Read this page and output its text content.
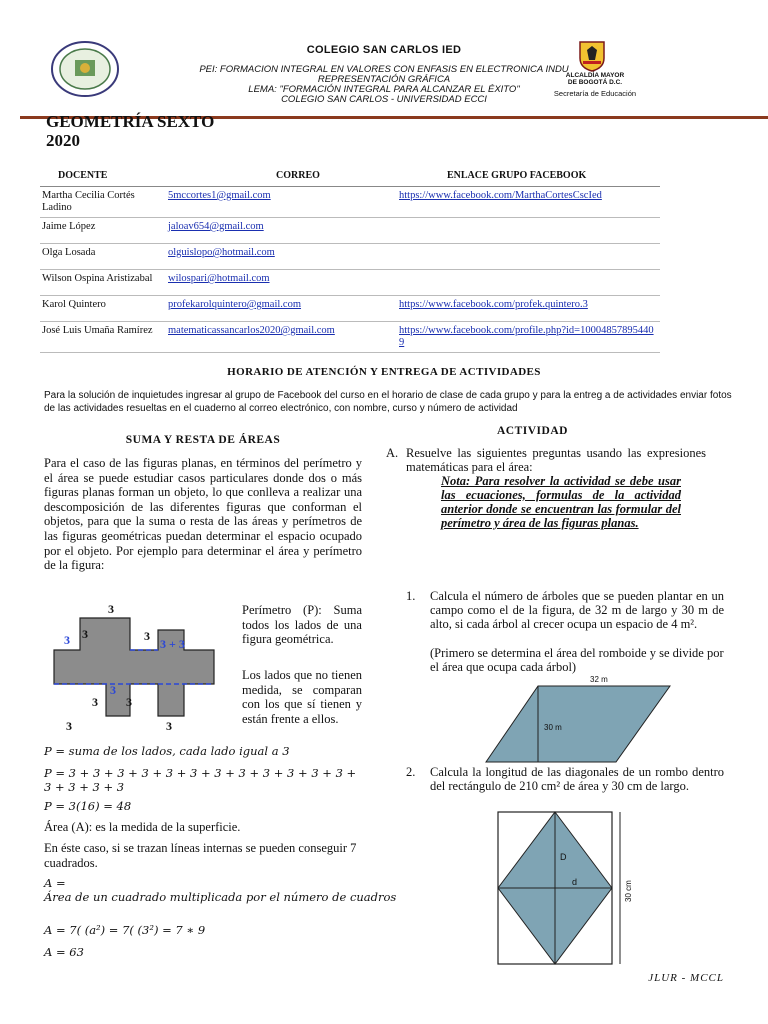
COLEGIO SAN CARLOS IED
PEI: FORMACION INTEGRAL EN VALORES CON ENFASIS EN ELECTRONICA INDU
REPRESENTACIÓN GRÁFICA
LEMA: "FORMACIÓN INTEGRAL PARA ALCANZAR EL ÉXITO"
COLEGIO SAN CARLOS - UNIVERSIDAD ECCI
ALCALDÍA MAYOR
DE BOGOTÁ D.C.
Secretaría de Educación
GEOMETRÍA SEXTO
2020
DOCENTE	CORREO	ENLACE GRUPO FACEBOOK
Martha Cecilia Cortés Ladino	5mccortes1@gmail.com	https://www.facebook.com/MarthaCortesCscIed
Jaime López	jaloav654@gmail.com	
Olga Losada	olguislopo@hotmail.com	
Wilson Ospina Aristizabal	wilospari@hotmail.com	
Karol Quintero	profekarolquintero@gmail.com	https://www.facebook.com/profek.quintero.3
José Luis Umaña Ramírez	matematicassancarlos2020@gmail.com	https://www.facebook.com/profile.php?id=100048578954409
HORARIO DE ATENCIÓN Y ENTREGA DE ACTIVIDADES
Para la solución de inquietudes ingresar al grupo de Facebook del curso en el horario de clase de cada grupo y para la entreg a de actividades enviar fotos de las actividades resueltas en el cuaderno al correo electrónico, con nombre, curso y número de actividad
SUMA Y RESTA DE ÁREAS
Para el caso de las figuras planas, en términos del perímetro y el área se puede estudiar casos particulares donde dos o más figuras planas forman un objeto, lo que conlleva a realizar una descomposición de las diferentes figuras que conforman el objetos, para que la suma o resta de las áreas y perímetros de las figuras geométricas puedan determinar el espacio ocupado por el objeto. Por ejemplo para determinar el área y perímetro de la figura:
3
3 3
3 + 3
3
3
3 3
3	3
Perímetro (P): Suma todos los lados de una figura geométrica.
Los lados que no tienen medida, se comparan con los que sí tienen y están frente a ellos.
P = suma de los lados, cada lado igual a 3
P = 3 + 3 + 3 + 3 + 3 + 3 + 3 + 3 + 3 + 3 + 3 + 3 +
3 + 3 + 3 + 3
P = 3(16) = 48
Área (A): es la medida de la superficie.
En éste caso, si se trazan líneas internas se pueden conseguir 7 cuadrados.
A =
Área de un cuadrado multiplicada por el número de cuadros
A = 7( (a²) = 7( (3²) = 7 ∗ 9
A = 63
ACTIVIDAD
A. Resuelve las siguientes preguntas usando las expresiones matemáticas para el área:
Nota: Para resolver la actividad se debe usar las ecuaciones, formulas de la actividad anterior donde se encuentran las formular del perímetro y área de las figuras planas.
1. Calcula el número de árboles que se pueden plantar en un campo como el de la figura, de 32 m de largo y 30 m de alto, si cada árbol al crecer ocupa un espacio de 4 m².
(Primero se determina el área del romboide y se divide por el área que ocupa cada árbol)
32 m
30 m
2. Calcula la longitud de las diagonales de un rombo dentro del rectángulo de 210 cm² de área y 30 cm de largo.
D
d	30 cm
JLUR - MCCL
